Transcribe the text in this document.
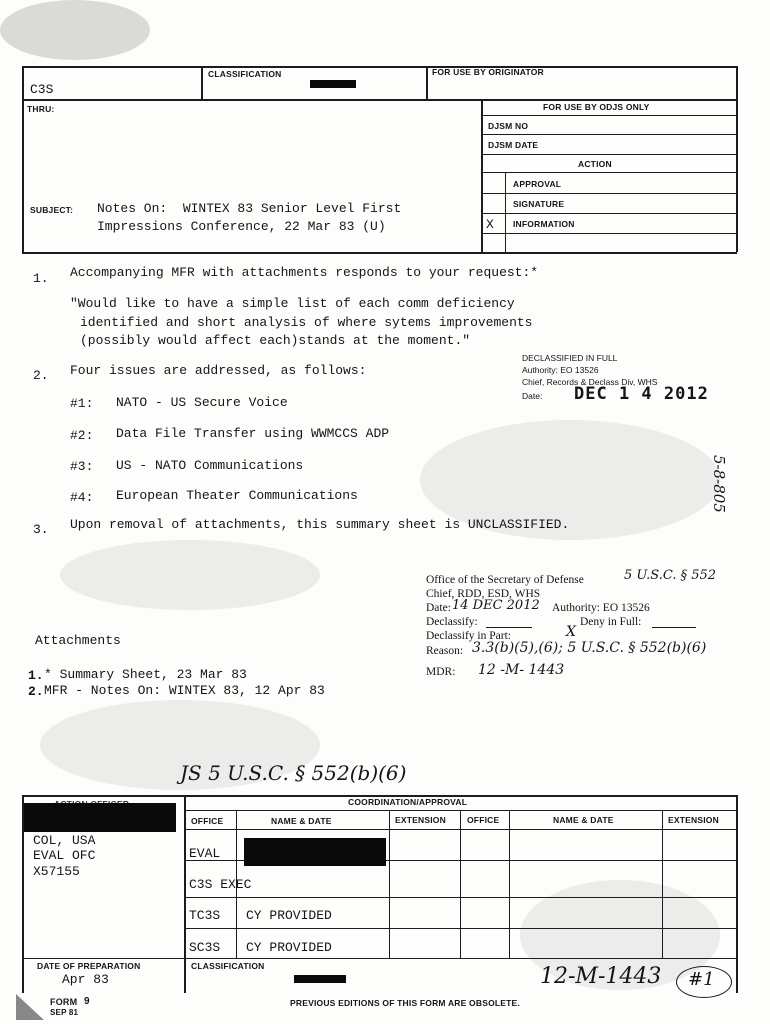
C3S
CLASSIFICATION	FOR USE BY ORIGINATOR
THRU:	FOR USE BY ODJS ONLY
DJSM NO
DJSM DATE
ACTION
APPROVAL
SIGNATURE
X INFORMATION
SUBJECT: Notes On:  WINTEX 83 Senior Level First
Impressions Conference, 22 Mar 83 (U)
1. Accompanying MFR with attachments responds to your request:*
"Would like to have a simple list of each comm deficiency
identified and short analysis of where sytems improvements
(possibly would affect each)stands at the moment."
2. Four issues are addressed, as follows:
#1: NATO - US Secure Voice
#2: Data File Transfer using WWMCCS ADP
#3: US - NATO Communications
#4: European Theater Communications
3. Upon removal of attachments, this summary sheet is UNCLASSIFIED.
DECLASSIFIED IN FULL
Authority: EO 13526
Chief, Records & Declass Div, WHS
Date: DEC 1 4 2012
5-8-805
Office of the Secretary of Defense	5 U.S.C. § 552
Chief, RDD, ESD, WHS
Date: 14 DEC 2012 Authority: EO 13526
Declassify:	Deny in Full:
Declassify in Part:	X
Reason: 3.3(b)(5),(6); 5 U.S.C. § 552(b)(6)
MDR: 12 -M- 1443
Attachments
1. * Summary Sheet, 23 Mar 83
2. MFR - Notes On: WINTEX 83, 12 Apr 83
JS 5 U.S.C. § 552(b)(6)
COORDINATION/APPROVAL
OFFICE	NAME & DATE	EXTENSION OFFICE	NAME & DATE	EXTENSION
COL, USA
EVAL OFC
X57155
EVAL
C3S EXEC
TC3S CY PROVIDED
SC3S CY PROVIDED
DATE OF PREPARATION
Apr 83
CLASSIFICATION	12-M-1443 #1
FORM 9
SEP 81
PREVIOUS EDITIONS OF THIS FORM ARE OBSOLETE.
